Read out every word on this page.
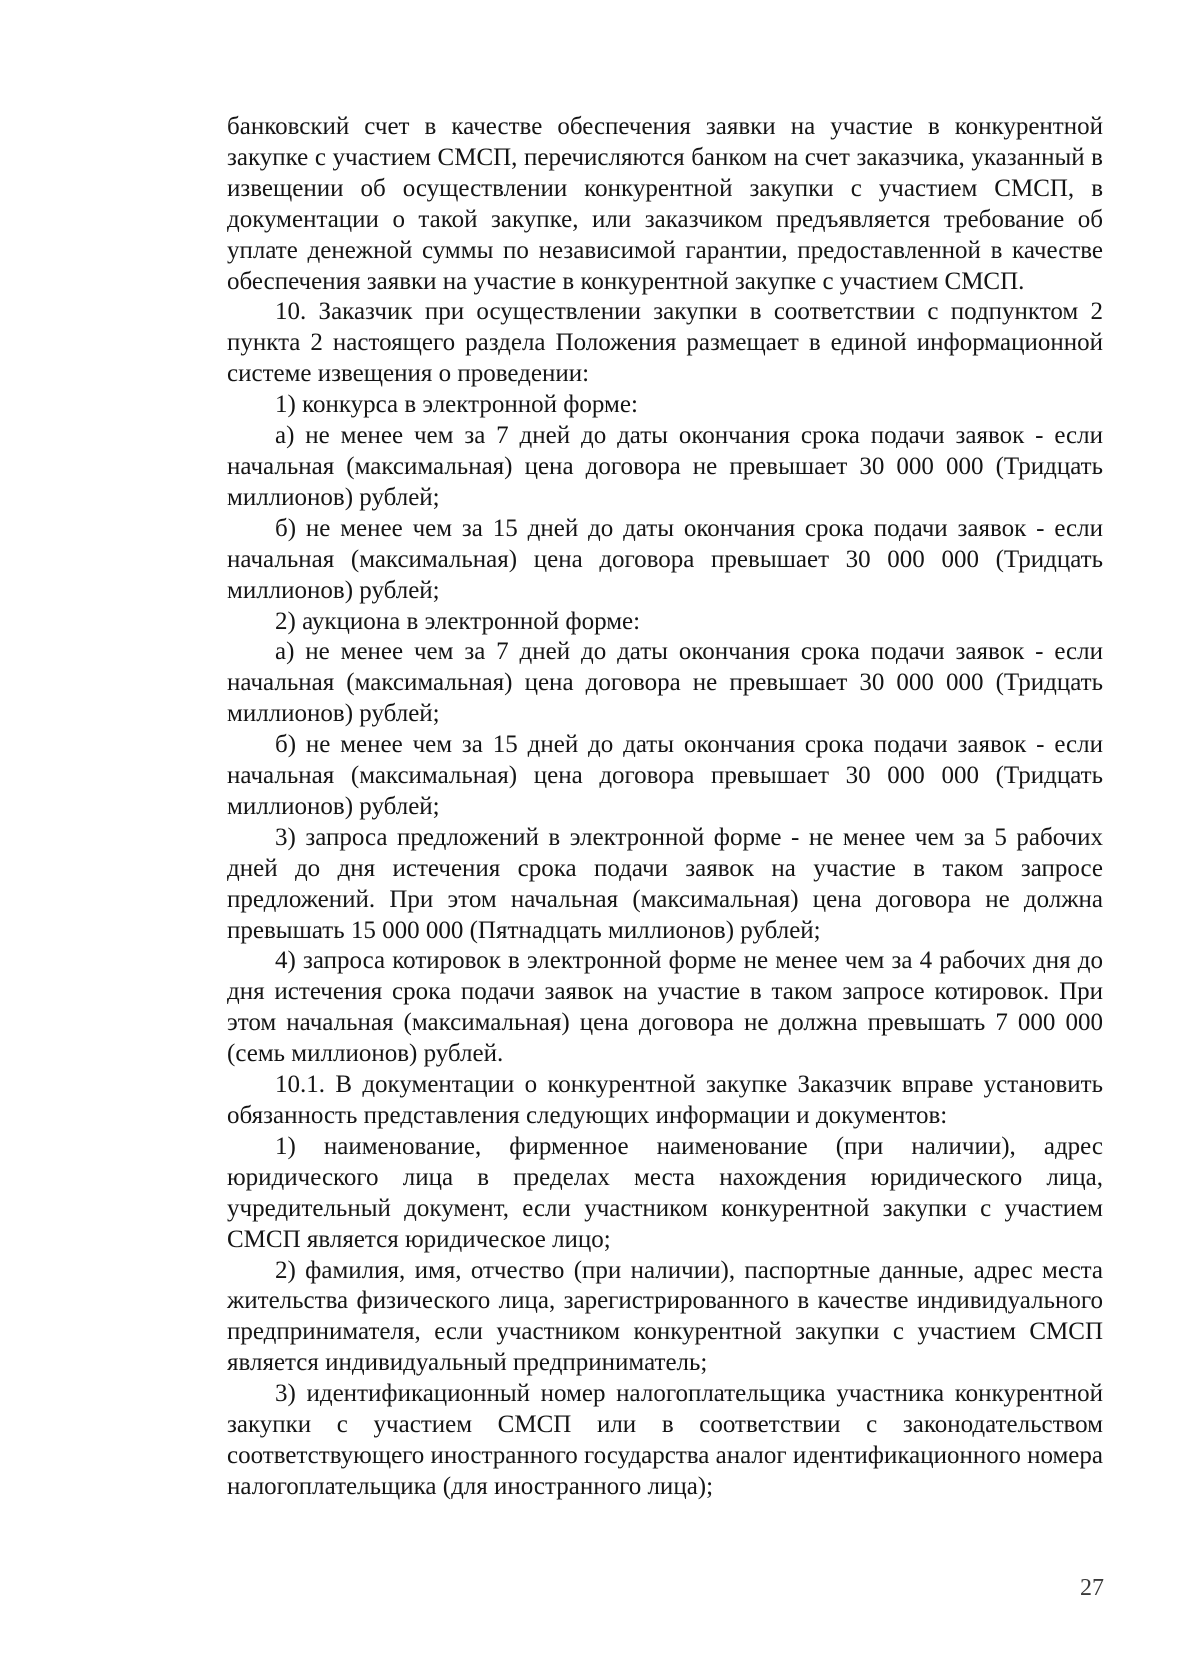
банковский счет в качестве обеспечения заявки на участие в конкурентной закупке с участием СМСП, перечисляются банком на счет заказчика, указанный в извещении об осуществлении конкурентной закупки с участием СМСП, в документации о такой закупке, или заказчиком предъявляется требование об уплате денежной суммы по независимой гарантии, предоставленной в качестве обеспечения заявки на участие в конкурентной закупке с участием СМСП.

10. Заказчик при осуществлении закупки в соответствии с подпунктом 2 пункта 2 настоящего раздела Положения размещает в единой информационной системе извещения о проведении:

1) конкурса в электронной форме:

а) не менее чем за 7 дней до даты окончания срока подачи заявок - если начальная (максимальная) цена договора не превышает 30 000 000 (Тридцать миллионов) рублей;

б) не менее чем за 15 дней до даты окончания срока подачи заявок - если начальная (максимальная) цена договора превышает 30 000 000 (Тридцать миллионов) рублей;

2) аукциона в электронной форме:

а) не менее чем за 7 дней до даты окончания срока подачи заявок - если начальная (максимальная) цена договора не превышает 30 000 000 (Тридцать миллионов) рублей;

б) не менее чем за 15 дней до даты окончания срока подачи заявок - если начальная (максимальная) цена договора превышает 30 000 000 (Тридцать миллионов) рублей;

3) запроса предложений в электронной форме - не менее чем за 5 рабочих дней до дня истечения срока подачи заявок на участие в таком запросе предложений. При этом начальная (максимальная) цена договора не должна превышать 15 000 000 (Пятнадцать миллионов) рублей;

4) запроса котировок в электронной форме не менее чем за 4 рабочих дня до дня истечения срока подачи заявок на участие в таком запросе котировок. При этом начальная (максимальная) цена договора не должна превышать 7 000 000 (семь миллионов) рублей.

10.1. В документации о конкурентной закупке Заказчик вправе установить обязанность представления следующих информации и документов:

1) наименование, фирменное наименование (при наличии), адрес юридического лица в пределах места нахождения юридического лица, учредительный документ, если участником конкурентной закупки с участием СМСП является юридическое лицо;

2) фамилия, имя, отчество (при наличии), паспортные данные, адрес места жительства физического лица, зарегистрированного в качестве индивидуального предпринимателя, если участником конкурентной закупки с участием СМСП является индивидуальный предприниматель;

3) идентификационный номер налогоплательщика участника конкурентной закупки с участием СМСП или в соответствии с законодательством соответствующего иностранного государства аналог идентификационного номера налогоплательщика (для иностранного лица);

27
